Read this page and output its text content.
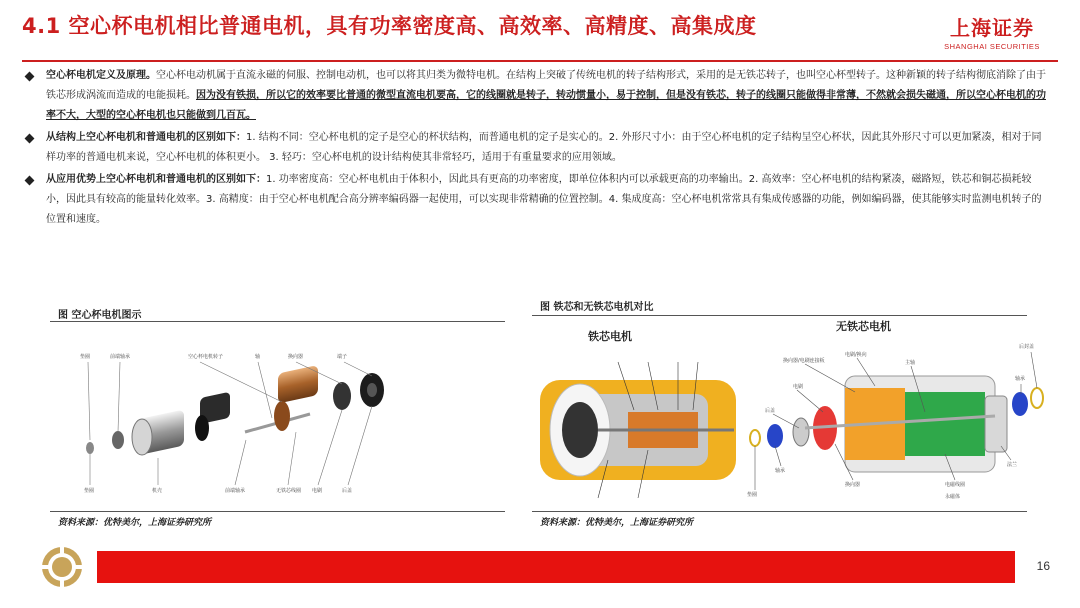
4.1 空心杯电机相比普通电机，具有功率密度高、高效率、高精度、高集成度	上海证券
SHANGHAI SECURITIES
空心杯电机定义及原理。空心杯电动机属于直流永磁的伺服、控制电动机，也可以将其归类为微特电机。在结构上突破了传统电机的转子结构形式，采用的是无铁芯转子，也叫空心杯型转子。这种新颖的转子结构彻底消除了由于铁芯形成涡流而造成的电能损耗。因为没有铁损，所以它的效率要比普通的微型直流电机要高，它的线圈就是转子，转动惯量小，易于控制，但是没有铁芯，转子的线圈只能做得非常薄，不然就会损失磁通，所以空心杯电机的功率不大，大型的空心杯电机也只能做到几百瓦。
从结构上空心杯电机和普通电机的区别如下：1. 结构不同：空心杯电机的定子是空心的杯状结构，而普通电机的定子是实心的。2. 外形尺寸小：由于空心杯电机的定子结构呈空心杯状，因此其外形尺寸可以更加紧凑，相对于同样功率的普通电机来说，空心杯电机的体积更小。 3. 轻巧：空心杯电机的设计结构使其非常轻巧，适用于有重量要求的应用领域。
从应用优势上空心杯电机和普通电机的区别如下：1. 功率密度高：空心杯电机由于体积小，因此具有更高的功率密度，即单位体积内可以承载更高的功率输出。2. 高效率：空心杯电机的结构紧凑，磁路短，铁芯和铜芯损耗较小，因此具有较高的能量转化效率。3. 高精度：由于空心杯电机配合高分辨率编码器一起使用，可以实现非常精确的位置控制。4. 集成度高：空心杯电机常常具有集成传感器的功能，例如编码器，使其能够实时监测电机转子的位置和速度。
图 空心杯电机图示
垫圈	前端轴承	空心杯电机转子	轴	换向器	端子
垫圈	机壳	前端轴承	无铁芯线圈 电刷	后盖
资料来源：优特美尔，上海证券研究所
图 铁芯和无铁芯电机对比
铁芯电机
无铁芯电机
换向器/电刷连接板
电刷/换向
主轴
电刷
后盖
轴承
垫圈
换向器	电磁线圈
永磁体
法兰
轴承
后封盖
资料来源：优特美尔，上海证券研究所
16
